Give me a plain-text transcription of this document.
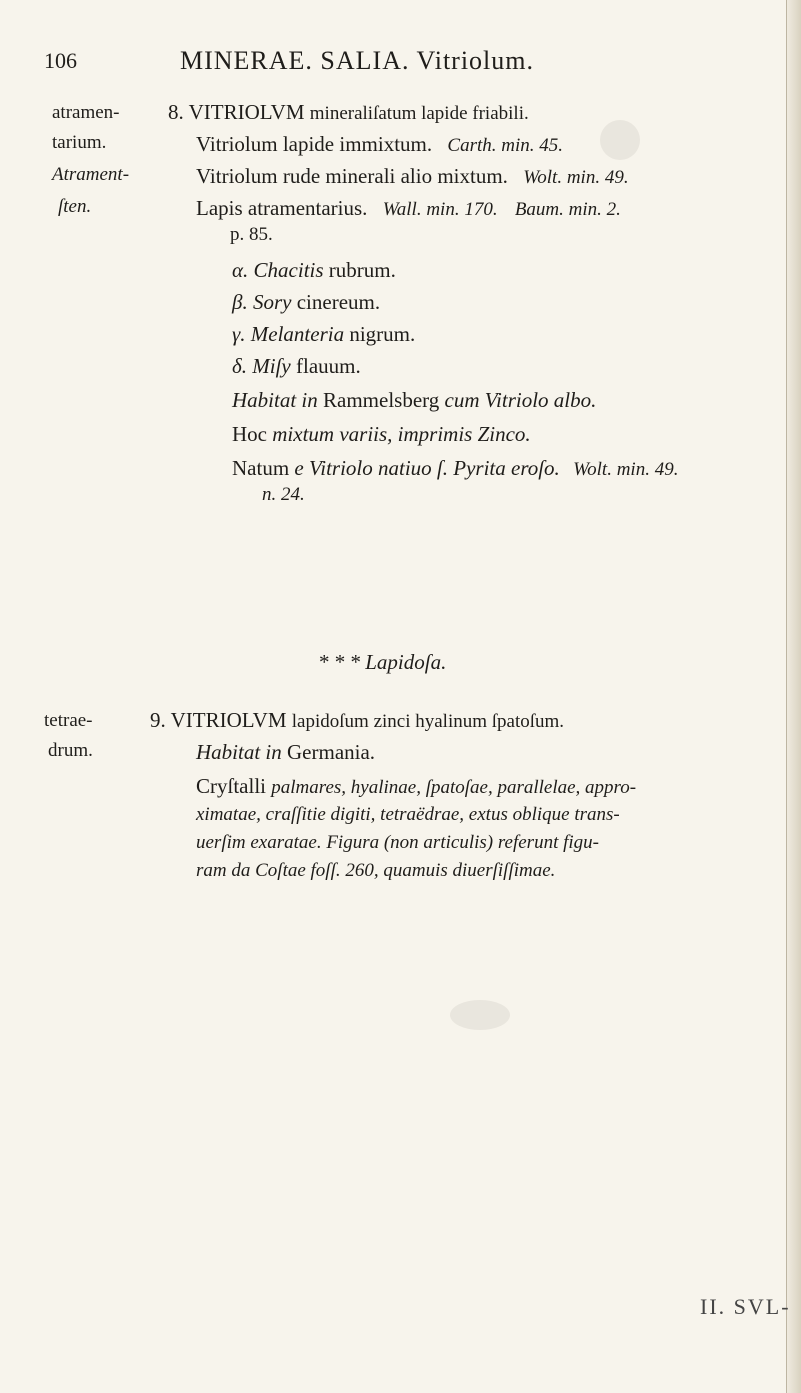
106	MINERAE. SALIA. Vitriolum.
atramen-
tarium.
Atrament-
ſten.
tetrae-
drum.
8. VITRIOLVM mineraliſatum lapide friabili.
Vitriolum lapide immixtum. Carth. min. 45.
Vitriolum rude minerali alio mixtum. Wolt. min. 49.
Lapis atramentarius. Wall. min. 170. Baum. min. 2.
p. 85.
α. Chacitis rubrum.
β. Sory cinereum.
γ. Melanteria nigrum.
δ. Miſy flauum.
Habitat in Rammelsberg cum Vitriolo albo.
Hoc mixtum variis, imprimis Zinco.
Natum e Vitriolo natiuo ſ. Pyrita eroſo. Wolt. min. 49.
n. 24.
* * * Lapidoſa.
9. VITRIOLVM lapidoſum zinci hyalinum ſpatoſum.
Habitat in Germania.
Cryſtalli palmares, hyalinae, ſpatoſae, parallelae, appro-
ximatae, craſſitie digiti, tetraëdrae, extus oblique trans-
uerſim exaratae. Figura (non articulis) referunt figu-
ram da Coſtae foſſ. 260, quamuis diuerſiſſimae.
II. SVL-
